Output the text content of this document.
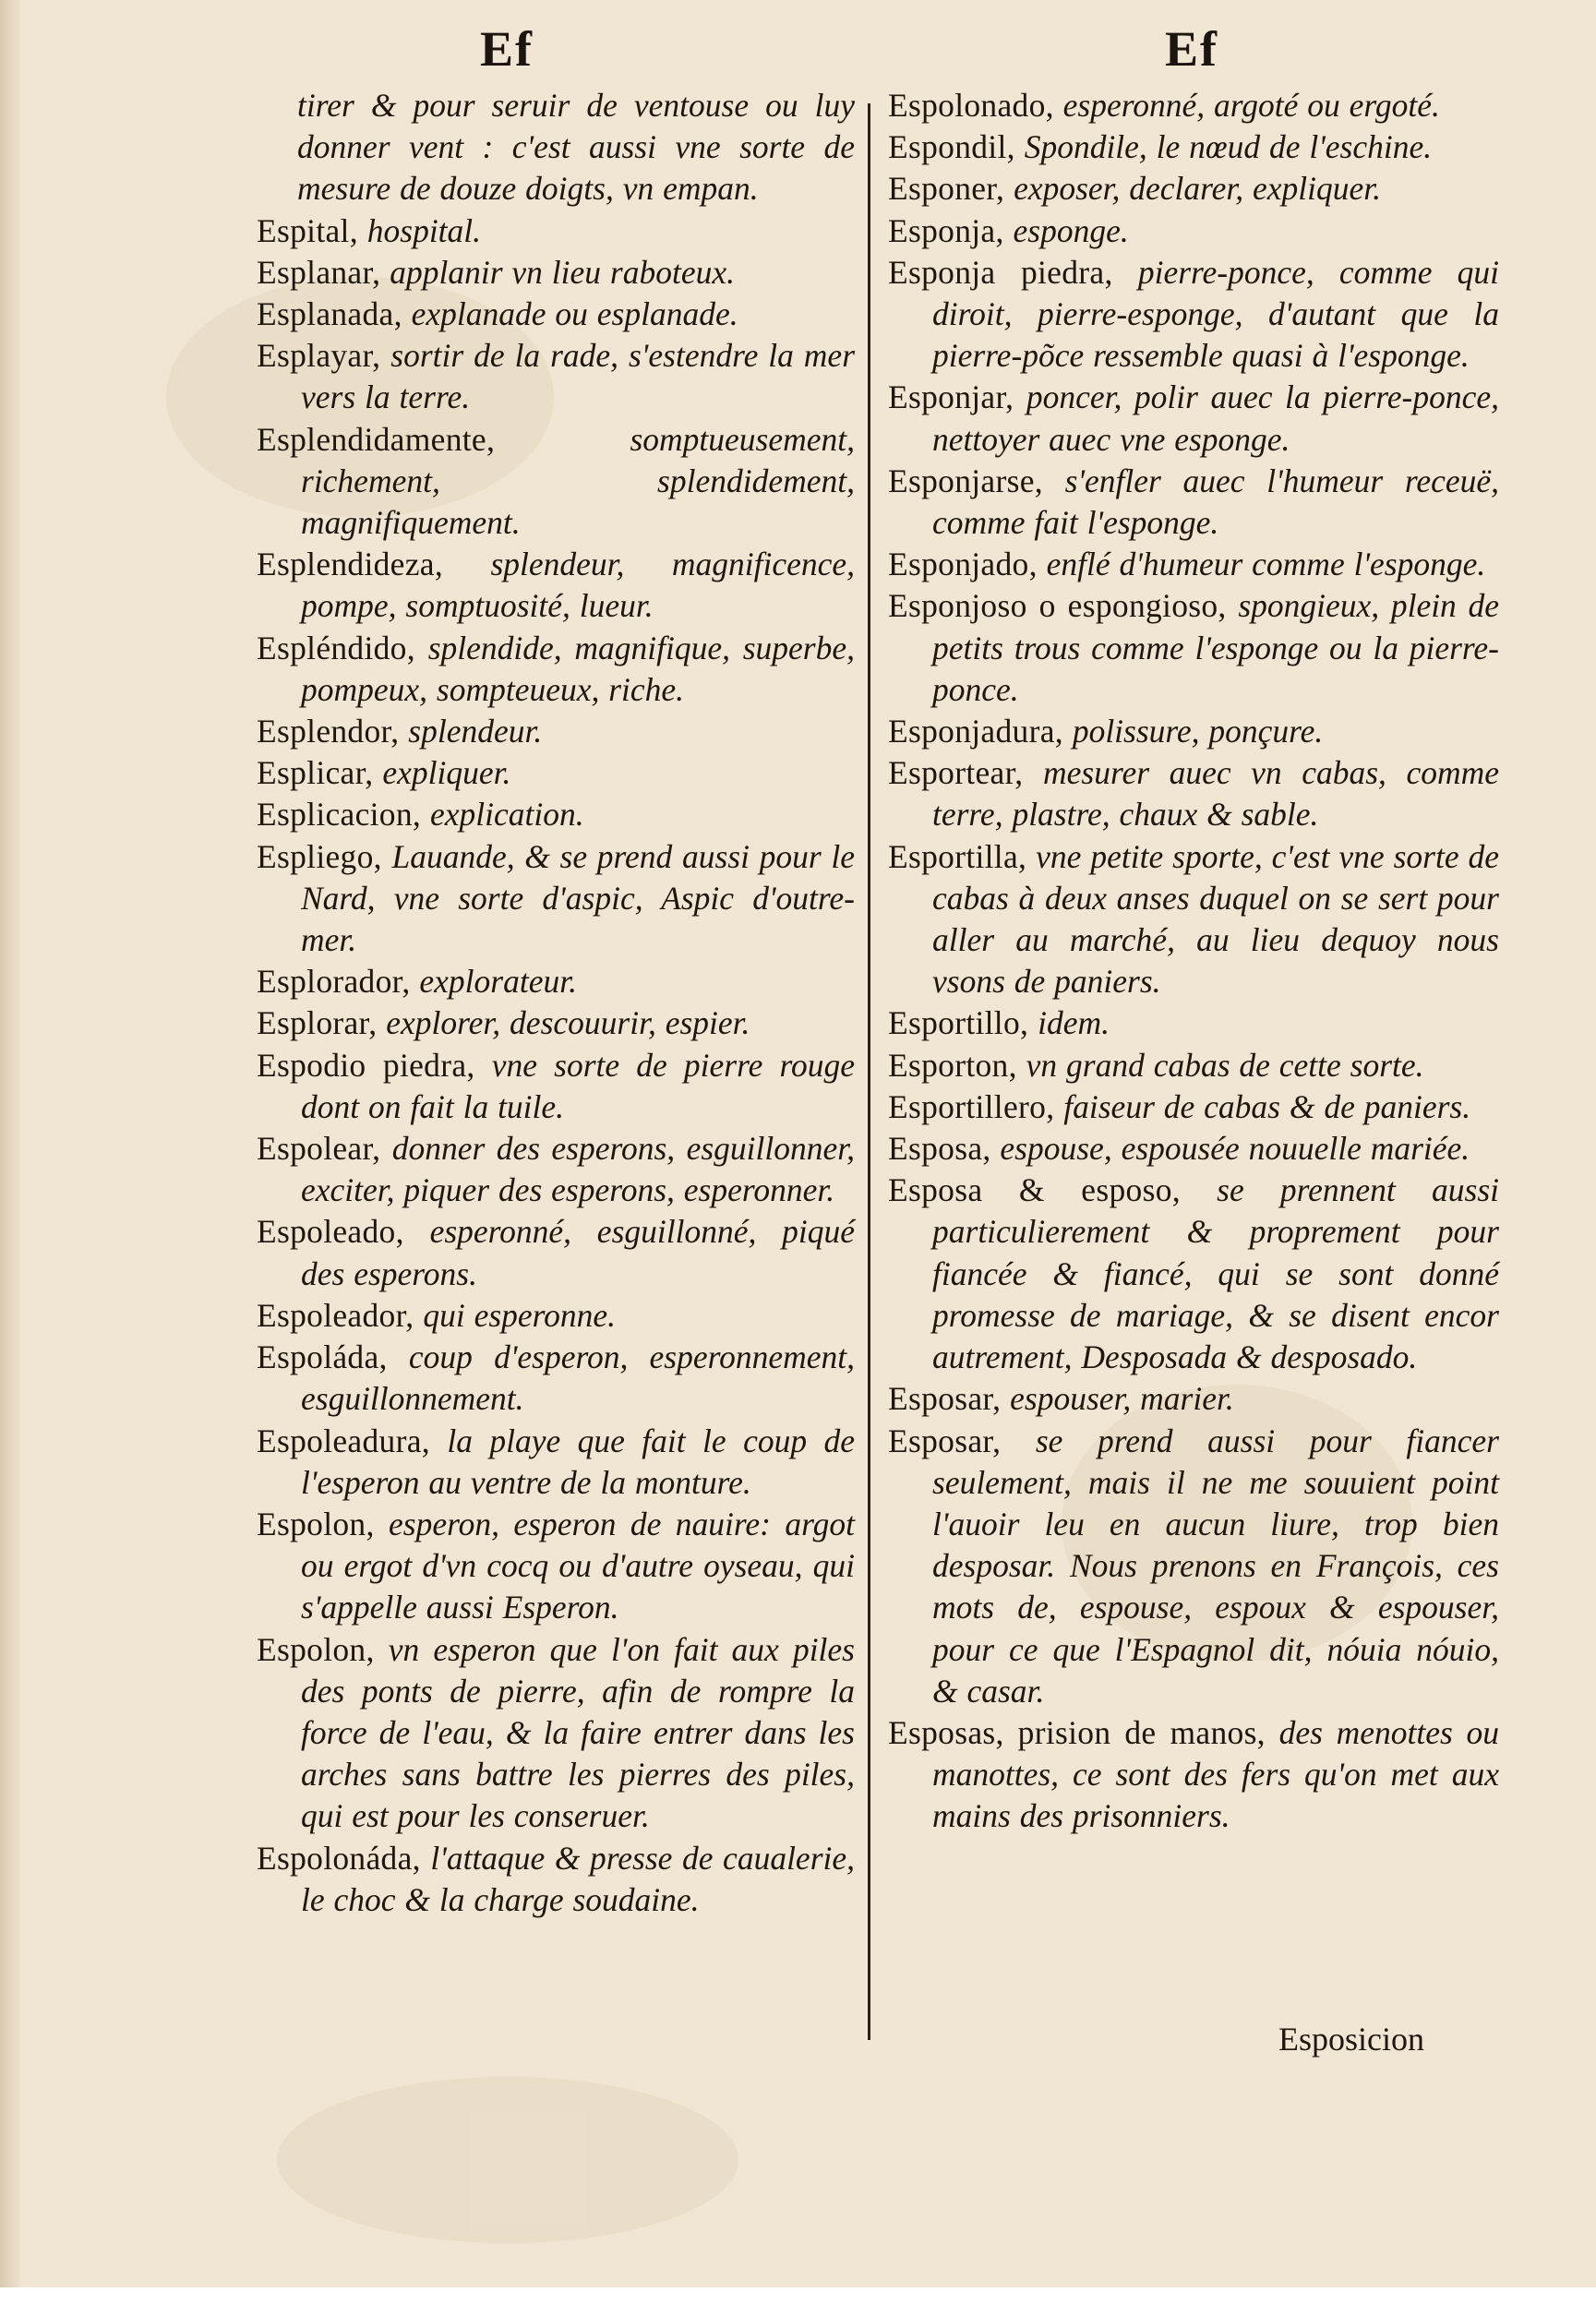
Ef	Ef
tirer & pour seruir de ventouse ou luy donner vent : c'est aussi vne sorte de mesure de douze doigts, vn empan.
Espital, hospital.
Esplanar, applanir vn lieu raboteux.
Esplanada, explanade ou esplanade.
Esplayar, sortir de la rade, s'estendre la mer vers la terre.
Esplendidamente,	somptueusement, richement, splendidement, magnifiquement.
Esplendideza, splendeur, magnificence, pompe, somptuosité, lueur.
Espléndido, splendide, magnifique, superbe, pompeux, sompteueux, riche.
Esplendor, splendeur.
Esplicar, expliquer.
Esplicacion, explication.
Espliego, Lauande, & se prend aussi pour le Nard, vne sorte d'aspic, Aspic d'outre-mer.
Esplorador, explorateur.
Esplorar, explorer, descouurir, espier.
Espodio piedra, vne sorte de pierre rouge dont on fait la tuile.
Espolear, donner des esperons, esguillonner, exciter, piquer des esperons, esperonner.
Espoleado, esperonné, esguillonné, piqué des esperons.
Espoleador, qui esperonne.
Espoláda, coup d'esperon, esperonnement, esguillonnement.
Espoleadura, la playe que fait le coup de l'esperon au ventre de la monture.
Espolon, esperon, esperon de nauire: argot ou ergot d'vn cocq ou d'autre oyseau, qui s'appelle aussi Esperon.
Espolon, vn esperon que l'on fait aux piles des ponts de pierre, afin de rompre la force de l'eau, & la faire entrer dans les arches sans battre les pierres des piles, qui est pour les conseruer.
Espolonáda, l'attaque & presse de caualerie, le choc & la charge soudaine.
Espolonado, esperonné, argoté ou ergoté.
Espondil, Spondile, le nœud de l'eschine.
Esponer, exposer, declarer, expliquer.
Esponja, esponge.
Esponja piedra, pierre-ponce, comme qui diroit, pierre-esponge, d'autant que la pierre-põce ressemble quasi à l'esponge.
Esponjar, poncer, polir auec la pierre-ponce, nettoyer auec vne esponge.
Esponjarse, s'enfler auec l'humeur receuë, comme fait l'esponge.
Esponjado, enflé d'humeur comme l'esponge.
Esponjoso o espongioso, spongieux, plein de petits trous comme l'esponge ou la pierre-ponce.
Esponjadura, polissure, ponçure.
Esportear, mesurer auec vn cabas, comme terre, plastre, chaux & sable.
Esportilla, vne petite sporte, c'est vne sorte de cabas à deux anses duquel on se sert pour aller au marché, au lieu dequoy nous vsons de paniers.
Esportillo, idem.
Esporton, vn grand cabas de cette sorte.
Esportillero, faiseur de cabas & de paniers.
Esposa, espouse, espousée nouuelle mariée.
Esposa & esposo, se prennent aussi particulierement & proprement pour fiancée & fiancé, qui se sont donné promesse de mariage, & se disent encor autrement, Desposada & desposado.
Esposar, espouser, marier.
Esposar, se prend aussi pour fiancer seulement, mais il ne me souuient point l'auoir leu en aucun liure, trop bien desposar. Nous prenons en François, ces mots de, espouse, espoux & espouser, pour ce que l'Espagnol dit, nóuia nóuio, & casar.
Esposas, prision de manos, des menottes ou manottes, ce sont des fers qu'on met aux mains des prisonniers.
Esposicion
